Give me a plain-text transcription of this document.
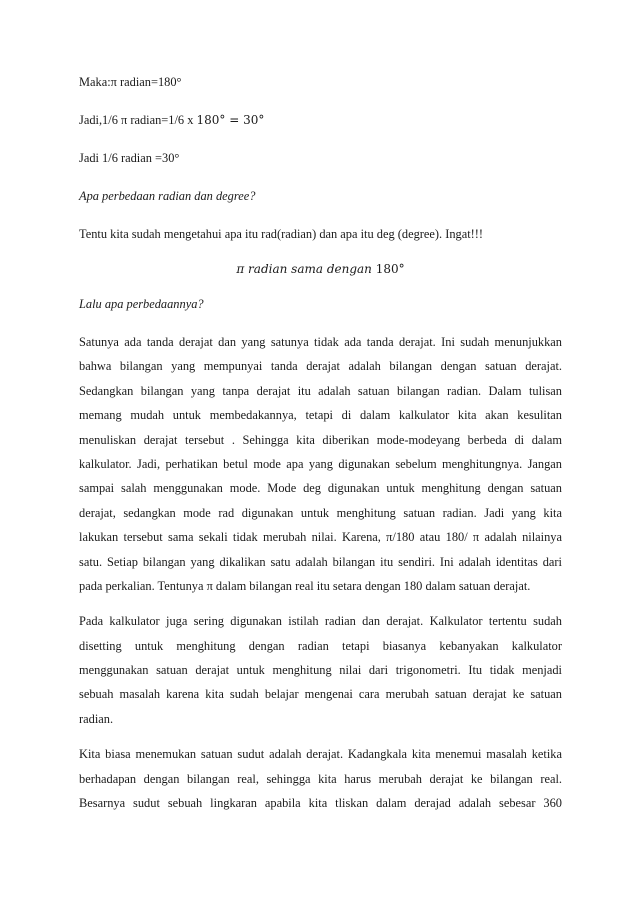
Maka:π radian=180°

Jadi,1/6 π radian=1/6 x 180° = 30°

Jadi 1/6 radian =30°

Apa perbedaan radian dan degree?

Tentu kita sudah mengetahui apa itu rad(radian) dan apa itu deg (degree). Ingat!!!

π radian sama dengan 180°

Lalu apa perbedaannya?

Satunya ada tanda derajat dan yang satunya tidak ada tanda derajat. Ini sudah menunjukkan
bahwa bilangan yang mempunyai tanda derajat adalah bilangan dengan satuan derajat.
Sedangkan bilangan yang tanpa derajat itu adalah satuan bilangan radian. Dalam tulisan
memang mudah untuk membedakannya, tetapi di dalam kalkulator kita akan kesulitan
menuliskan derajat tersebut . Sehingga kita diberikan mode-modeyang berbeda di dalam
kalkulator. Jadi, perhatikan betul mode apa yang digunakan sebelum menghitungnya. Jangan
sampai salah menggunakan mode. Mode deg digunakan untuk menghitung dengan satuan
derajat, sedangkan mode rad digunakan untuk menghitung satuan radian. Jadi yang kita
lakukan tersebut sama sekali tidak merubah nilai. Karena, π/180 atau 180/ π adalah nilainya
satu. Setiap bilangan yang dikalikan satu adalah bilangan itu sendiri. Ini adalah identitas dari
pada perkalian. Tentunya π dalam bilangan real itu setara dengan 180 dalam satuan derajat.
Pada kalkulator juga sering digunakan istilah radian dan derajat. Kalkulator tertentu sudah
disetting untuk menghitung dengan radian tetapi biasanya kebanyakan kalkulator
menggunakan satuan derajat untuk menghitung nilai dari trigonometri. Itu tidak menjadi
sebuah masalah karena kita sudah belajar mengenai cara merubah satuan derajat ke satuan
radian.
Kita biasa menemukan satuan sudut adalah derajat. Kadangkala kita menemui masalah ketika
berhadapan dengan bilangan real, sehingga kita harus merubah derajat ke bilangan real.
Besarnya sudut sebuah lingkaran apabila kita tliskan dalam derajad adalah sebesar 360
